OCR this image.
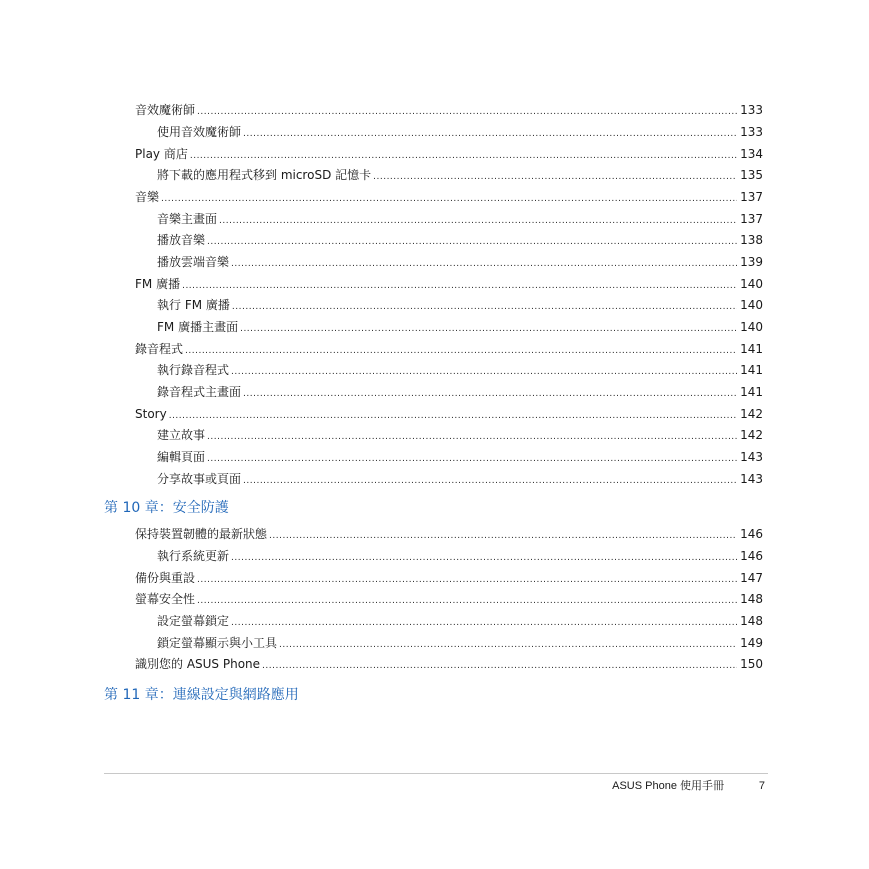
音效魔術師 .....	133
使用音效魔術師 .....	133
Play 商店 .....	134
將下載的應用程式移到 microSD 記憶卡 .....	135
音樂 .....	137
音樂主畫面 .....	137
播放音樂 .....	138
播放雲端音樂 .....	139
FM 廣播 .....	140
執行 FM 廣播 .....	140
FM 廣播主畫面 .....	140
錄音程式 .....	141
執行錄音程式 .....	141
錄音程式主畫面 .....	141
Story .....	142
建立故事 .....	142
編輯頁面 .....	143
分享故事或頁面 .....	143
第 10 章：安全防護
保持裝置韌體的最新狀態 .....	146
執行系統更新 .....	146
備份與重設 .....	147
螢幕安全性 .....	148
設定螢幕鎖定 .....	148
鎖定螢幕顯示與小工具 .....	149
識別您的 ASUS Phone .....	150
第 11 章：連線設定與網路應用
ASUS Phone 使用手冊	7
